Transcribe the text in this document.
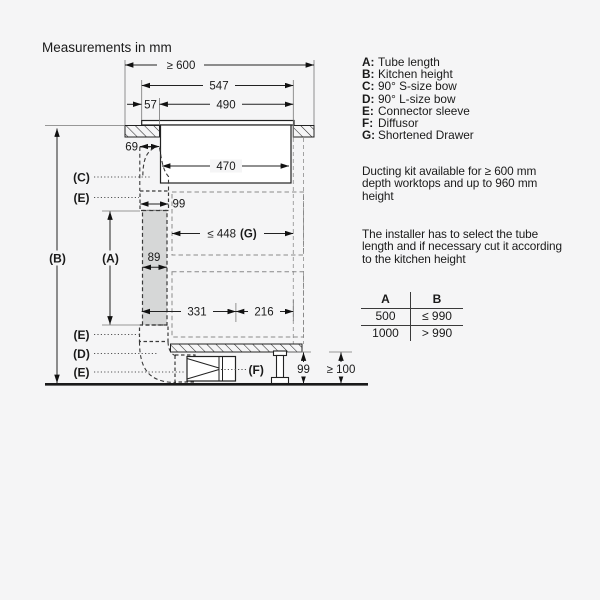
Measurements in mm
≥ 600
547
57	490
69
470
99
≤ 448 (G)
89
331	216
99 ≥ 100
(C)
(E)
(B)	(A)
(E)
(D)
(E)	(F)
A: Tube length
B: Kitchen height
C: 90° S-size bow
D: 90° L-size bow
E: Connector sleeve
F: Diffusor
G: Shortened Drawer
Ducting kit available for ≥ 600 mm depth worktops and up to 960 mm height
The installer has to select the tube length and if necessary cut it according to the kitchen height
A	B
500	≤ 990
1000	> 990
